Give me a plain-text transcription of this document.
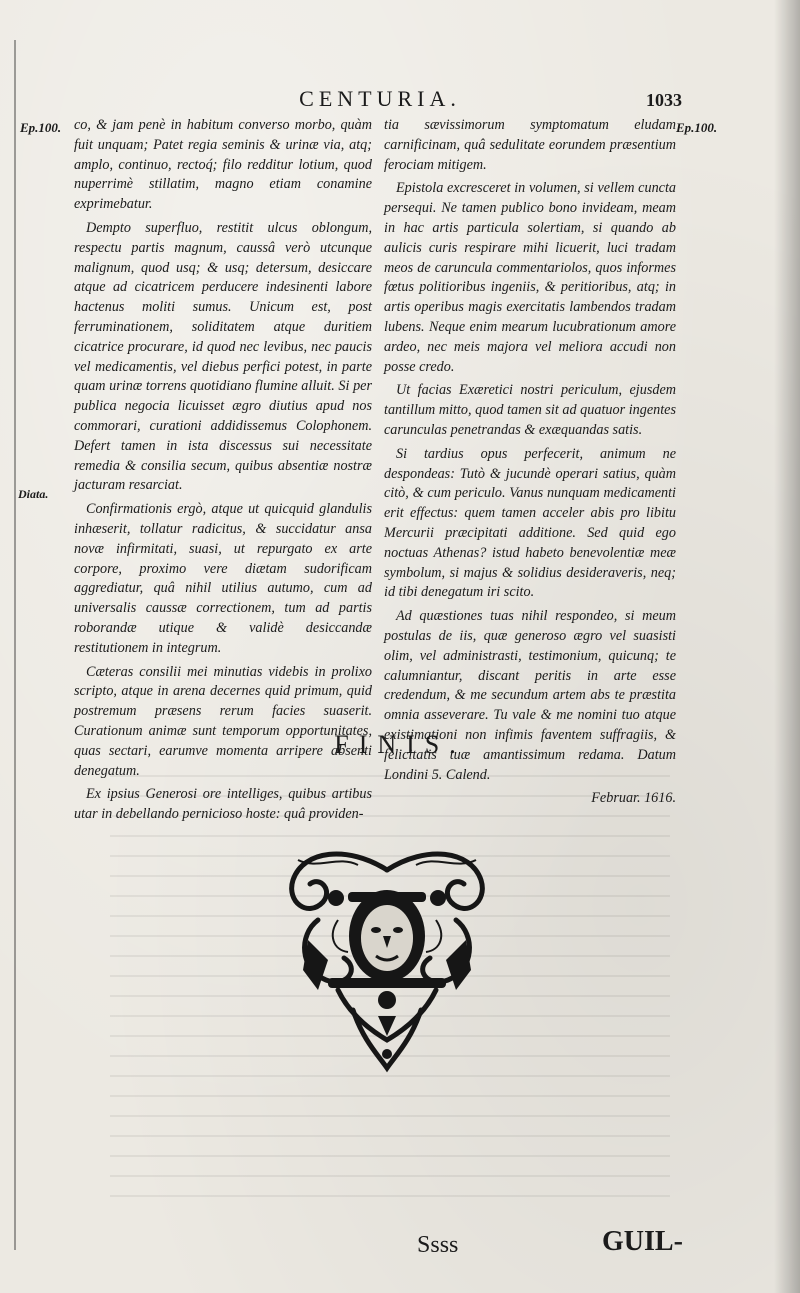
CENTURIA.	1033
Ep.100.	Ep.100.
Diata.

co, & jam penè in habitum converso morbo, quàm fuit unquam; Patet regia seminis & urinæ via, atq; amplo, continuo, rectoq́; filo redditur lotium, quod nuperrimè stillatim, magno etiam conamine exprimebatur.

Dempto superfluo, restitit ulcus oblongum, respectu partis magnum, caussâ verò utcunque malignum, quod usq; & usq; detersum, desiccare atque ad cicatricem perducere indesinenti labore hactenus moliti sumus. Unicum est, post ferruminationem, soliditatem atque duritiem cicatrice procurare, id quod nec levibus, nec paucis vel medicamentis, vel diebus perfici potest, in parte quam urinæ torrens quotidiano flumine alluit. Si per publica negocia licuisset ægro diutius apud nos commorari, curationi addidissemus Colophonem. Defert tamen in ista discessus sui necessitate remedia & consilia secum, quibus absentiæ nostræ jacturam resarciat.

Confirmationis ergò, atque ut quicquid glandulis inhæserit, tollatur radicitus, & succidatur ansa novæ infirmitati, suasi, ut repurgato ex arte corpore, proximo vere diætam sudorificam aggrediatur, quâ nihil utilius autumo, cum ad universalis caussæ correctionem, tum ad partis roborandæ utique & validè desiccandæ restitutionem in integrum.

Cæteras consilii mei minutias videbis in prolixo scripto, atque in arena decernes quid primum, quid postremum præsens rerum facies suaserit. Curationum animæ sunt temporum opportunitates, quas sectari, earumve momenta arripere absenti denegatum.

Ex ipsius Generosi ore intelliges, quibus artibus utar in debellando pernicioso hoste: quâ providen-

tia sævissimorum symptomatum eludam carnificinam, quâ sedulitate eorundem præsentium ferociam mitigem.

Epistola excresceret in volumen, si vellem cuncta persequi. Ne tamen publico bono invideam, meam in hac artis particula solertiam, si quando ab aulicis curis respirare mihi licuerit, luci tradam meos de caruncula commentariolos, quos informes fœtus politioribus ingeniis, & peritioribus, atq; in artis operibus magis exercitatis lambendos tradam lubens. Neque enim mearum lucubrationum amore ardeo, nec meis majora vel meliora accudi non posse credo.

Ut facias Exæretici nostri periculum, ejusdem tantillum mitto, quod tamen sit ad quatuor ingentes carunculas penetrandas & exæquandas satis.

Si tardius opus perfecerit, animum ne despondeas: Tutò & jucundè operari satius, quàm citò, & cum periculo. Vanus nunquam medicamenti erit effectus: quem tamen acceler abis pro libitu Mercurii præcipitati additione. Sed quid ego noctuas Athenas? istud habeto benevolentiæ meæ symbolum, si majus & solidius desideraveris, neq; id tibi denegatum iri scito.

Ad quæstiones tuas nihil respondeo, si meum postulas de iis, quæ generoso ægro vel suasisti olim, vel administrasti, testimonium, quicunq; te calumniantur, discant peritis in arte esse credendum, & me secundum artem abs te præstita omnia asseverare. Tu vale & me nomini tuo atque existimationi non infimis faventem suffragiis, & felicitatis tuæ amantissimum redama. Datum Londini 5. Calend.

Februar. 1616.

FINIS.
Ssss	GUIL-
